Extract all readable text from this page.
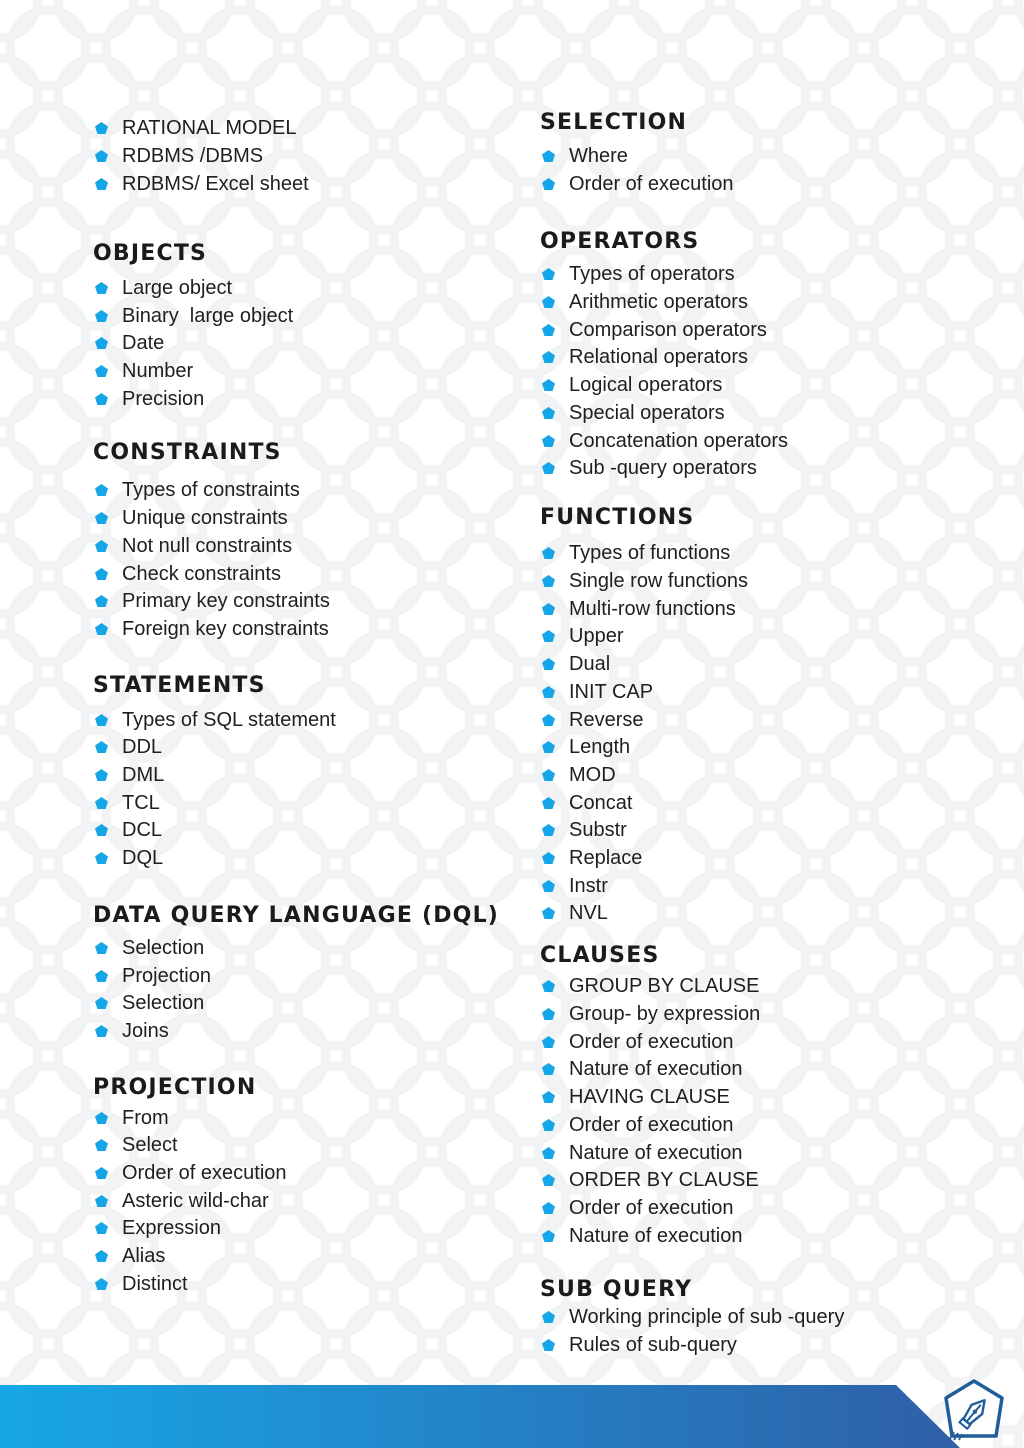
RATIONAL MODEL
RDBMS /DBMS
RDBMS/ Excel sheet
OBJECTS
Large object
Binary  large object
Date
Number
Precision
CONSTRAINTS
Types of constraints
Unique constraints
Not null constraints
Check constraints
Primary key constraints
Foreign key constraints
STATEMENTS
Types of SQL statement
DDL
DML
TCL
DCL
DQL
DATA QUERY LANGUAGE (DQL)
Selection
Projection
Selection
Joins
PROJECTION
From
Select
Order of execution
Asteric wild-char
Expression
Alias
Distinct
SELECTION
Where
Order of execution
OPERATORS
Types of operators
Arithmetic operators
Comparison operators
Relational operators
Logical operators
Special operators
Concatenation operators
Sub -query operators
FUNCTIONS
Types of functions
Single row functions
Multi-row functions
Upper
Dual
INIT CAP
Reverse
Length
MOD
Concat
Substr
Replace
Instr
NVL
CLAUSES
GROUP BY CLAUSE
Group- by expression
Order of execution
Nature of execution
HAVING CLAUSE
Order of execution
Nature of execution
ORDER BY CLAUSE
Order of execution
Nature of execution
SUB QUERY
Working principle of sub -query
Rules of sub-query
